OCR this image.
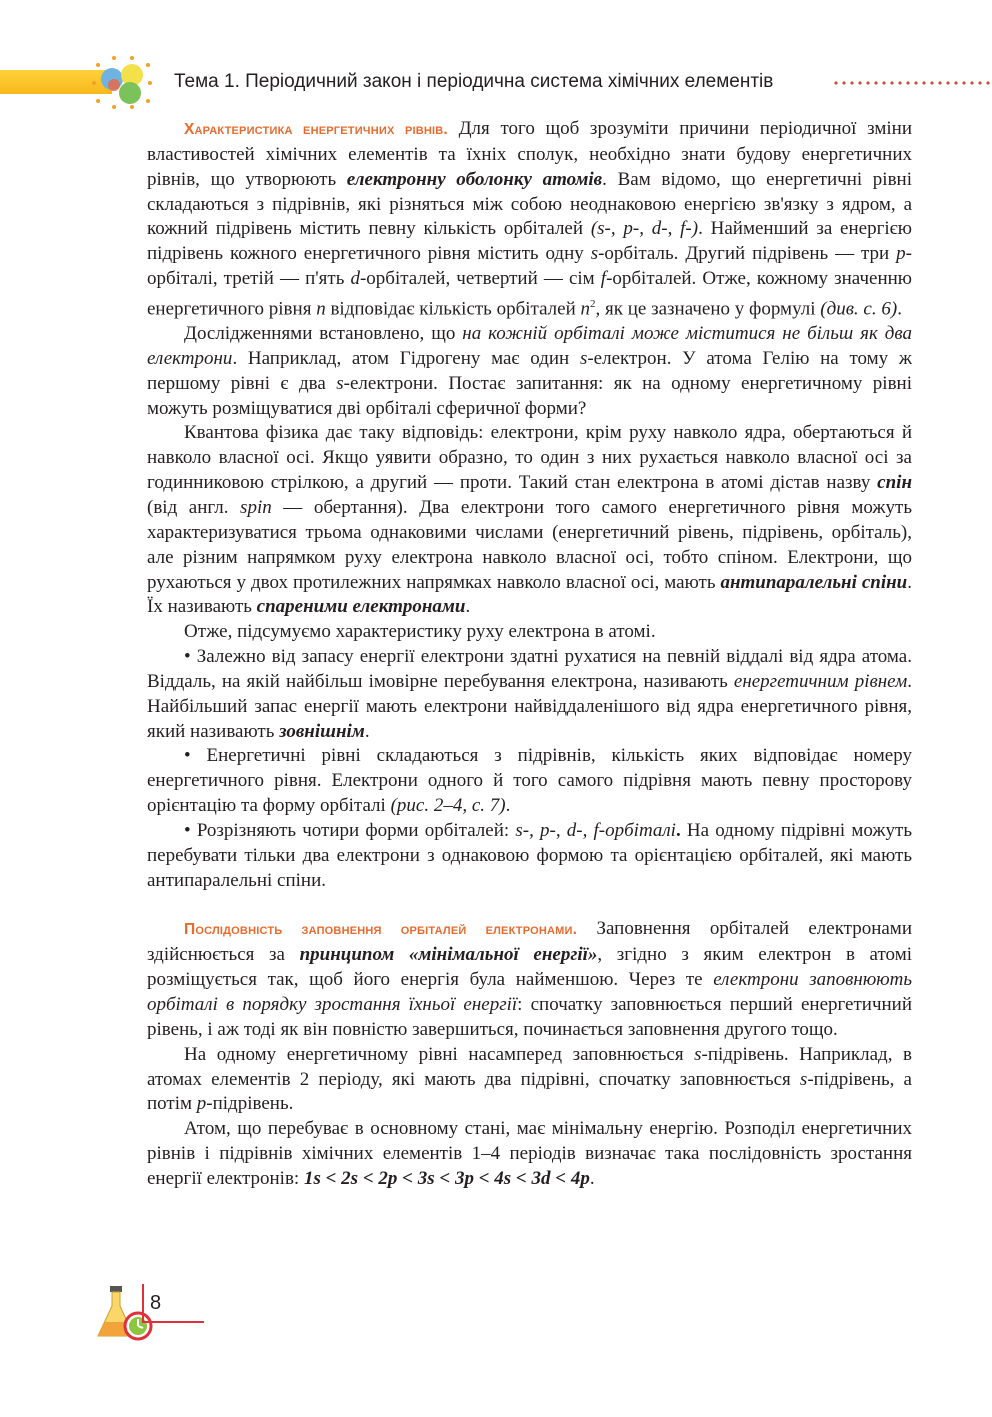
Тема 1. Періодичний закон і періодична система хімічних елементів

Характеристика енергетичних рівнів. Для того щоб зрозуміти причини періодичної зміни властивостей хімічних елементів та їхніх сполук, необхідно знати будову енергетичних рівнів, що утворюють електронну оболонку атомів. Вам відомо, що енергетичні рівні складаються з підрівнів, які різняться між собою неоднаковою енергією зв'язку з ядром, а кожний підрівень містить певну кількість орбіталей (s-, p-, d-, f-). Найменший за енергією підрівень кожного енергетичного рівня містить одну s-орбіталь. Другий підрівень — три p-орбіталі, третій — п'ять d-орбіталей, четвертий — сім f-орбіталей. Отже, кожному значенню енергетичного рівня n відповідає кількість орбіталей $n^2$, як це зазначено у формулі (див. с. 6).

Дослідженнями встановлено, що на кожній орбіталі може міститися не більш як два електрони. Наприклад, атом Гідрогену має один s-електрон. У атома Гелію на тому ж першому рівні є два s-електрони. Постає запитання: як на одному енергетичному рівні можуть розміщуватися дві орбіталі сферичної форми?

Квантова фізика дає таку відповідь: електрони, крім руху навколо ядра, обертаються й навколо власної осі. Якщо уявити образно, то один з них рухається навколо власної осі за годинниковою стрілкою, а другий — проти. Такий стан електрона в атомі дістав назву спін (від англ. spin — обертання). Два електрони того самого енергетичного рівня можуть характеризуватися трьома однаковими числами (енергетичний рівень, підрівень, орбіталь), але різним напрямком руху електрона навколо власної осі, тобто спіном. Електрони, що рухаються у двох протилежних напрямках навколо власної осі, мають антипаралельні спіни. Їх називають спареними електронами.

Отже, підсумуємо характеристику руху електрона в атомі.

• Залежно від запасу енергії електрони здатні рухатися на певній віддалі від ядра атома. Віддаль, на якій найбільш імовірне перебування електрона, називають енергетичним рівнем. Найбільший запас енергії мають електрони найвіддаленішого від ядра енергетичного рівня, який називають зовнішнім.

• Енергетичні рівні складаються з підрівнів, кількість яких відповідає номеру енергетичного рівня. Електрони одного й того самого підрівня мають певну просторову орієнтацію та форму орбіталі (рис. 2–4, с. 7).

• Розрізняють чотири форми орбіталей: s-, p-, d-, f-орбіталі. На одному підрівні можуть перебувати тільки два електрони з однаковою формою та орієнтацією орбіталей, які мають антипаралельні спіни.

Послідовність заповнення орбіталей електронами. Заповнення орбіталей електронами здійснюється за принципом «мінімальної енергії», згідно з яким електрон в атомі розміщується так, щоб його енергія була найменшою. Через те електрони заповнюють орбіталі в порядку зростання їхньої енергії: спочатку заповнюється перший енергетичний рівень, і аж тоді як він повністю завершиться, починається заповнення другого тощо.

На одному енергетичному рівні насамперед заповнюється s-підрівень. Наприклад, в атомах елементів 2 періоду, які мають два підрівні, спочатку заповнюється s-підрівень, а потім p-підрівень.

Атом, що перебуває в основному стані, має мінімальну енергію. Розподіл енергетичних рівнів і підрівнів хімічних елементів 1–4 періодів визначає така послідовність зростання енергії електронів: 1s < 2s < 2p < 3s < 3p < 4s < 3d < 4p.

8
